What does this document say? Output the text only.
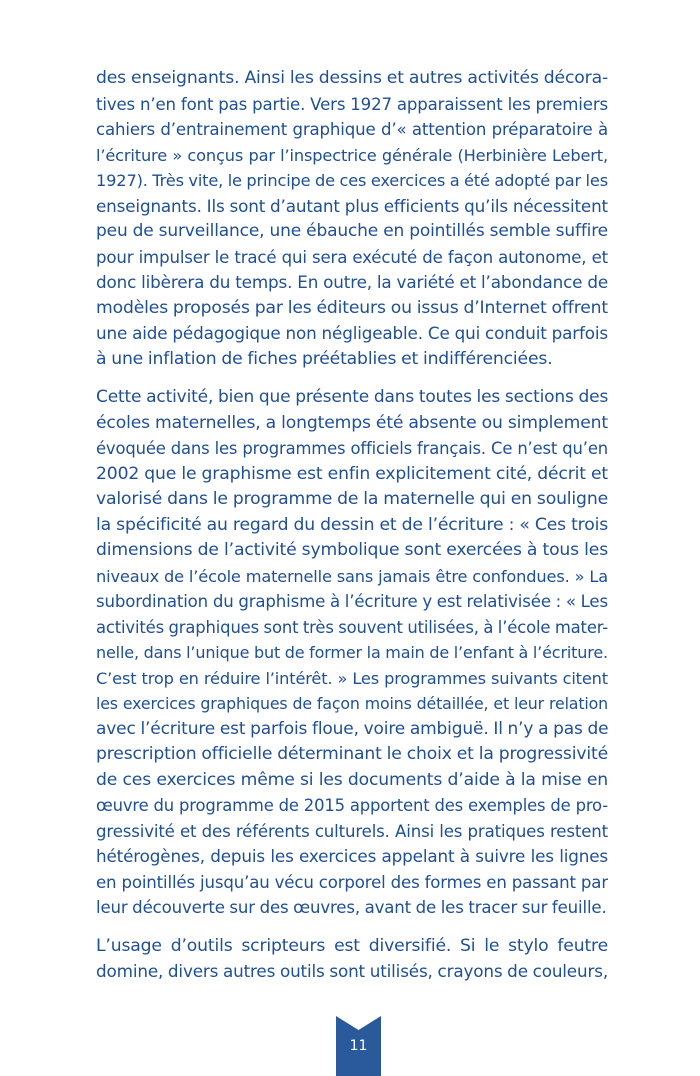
des enseignants. Ainsi les dessins et autres activités décora-
tives n’en font pas partie. Vers 1927 apparaissent les premiers
cahiers d’entrainement graphique d’« attention préparatoire à
l’écriture » conçus par l’inspectrice générale (Herbinière Lebert,
1927). Très vite, le principe de ces exercices a été adopté par les
enseignants. Ils sont d’autant plus efficients qu’ils nécessitent
peu de surveillance, une ébauche en pointillés semble suffire
pour impulser le tracé qui sera exécuté de façon autonome, et
donc libèrera du temps. En outre, la variété et l’abondance de
modèles proposés par les éditeurs ou issus d’Internet offrent
une aide pédagogique non négligeable. Ce qui conduit parfois
à une inflation de fiches préétablies et indifférenciées.
Cette activité, bien que présente dans toutes les sections des
écoles maternelles, a longtemps été absente ou simplement
évoquée dans les programmes officiels français. Ce n’est qu’en
2002 que le graphisme est enfin explicitement cité, décrit et
valorisé dans le programme de la maternelle qui en souligne
la spécificité au regard du dessin et de l’écriture : « Ces trois
dimensions de l’activité symbolique sont exercées à tous les
niveaux de l’école maternelle sans jamais être confondues. » La
subordination du graphisme à l’écriture y est relativisée : « Les
activités graphiques sont très souvent utilisées, à l’école mater-
nelle, dans l’unique but de former la main de l’enfant à l’écriture.
C’est trop en réduire l’intérêt. » Les programmes suivants citent
les exercices graphiques de façon moins détaillée, et leur relation
avec l’écriture est parfois floue, voire ambiguë. Il n’y a pas de
prescription officielle déterminant le choix et la progressivité
de ces exercices même si les documents d’aide à la mise en
œuvre du programme de 2015 apportent des exemples de pro-
gressivité et des référents culturels. Ainsi les pratiques restent
hétérogènes, depuis les exercices appelant à suivre les lignes
en pointillés jusqu’au vécu corporel des formes en passant par
leur découverte sur des œuvres, avant de les tracer sur feuille.
L’usage d’outils scripteurs est diversifié. Si le stylo feutre
domine, divers autres outils sont utilisés, crayons de couleurs,
11
